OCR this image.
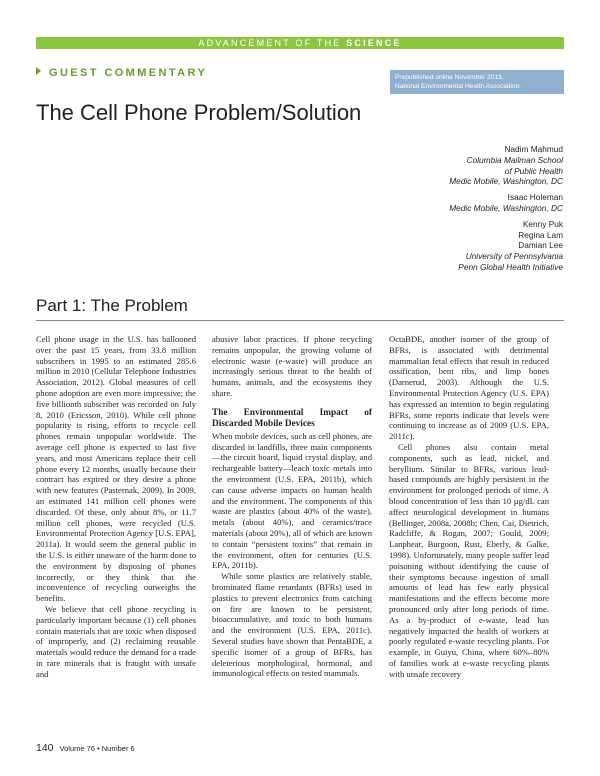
ADVANCEMENT OF THE SCIENCE
GUEST COMMENTARY	Prepublished online November 2013,
National Environmental Health Association.
The Cell Phone Problem/Solution
Nadim Mahmud
Columbia Mailman School
of Public Health
Medic Mobile, Washington, DC
Isaac Holeman
Medic Mobile, Washington, DC
Kenny Puk
Regina Lam
Damian Lee
University of Pennsylvania
Penn Global Health Initiative
Part 1: The Problem

Cell phone usage in the U.S. has ballooned over the past 15 years, from 33.8 million subscribers in 1995 to an estimated 285.6 million in 2010 (Cellular Telephone Industries Association, 2012). Global measures of cell phone adoption are even more impressive; the five billionth subscriber was recorded on July 8, 2010 (Ericsson, 2010). While cell phone popularity is rising, efforts to recycle cell phones remain unpopular worldwide. The average cell phone is expected to last five years, and most Americans replace their cell phone every 12 months, usually because their contract has expired or they desire a phone with new features (Pasternak, 2009). In 2009, an estimated 141 million cell phones were discarded. Of these, only about 8%, or 11.7 million cell phones, were recycled (U.S. Environmental Protection Agency [U.S. EPA], 2011a). It would seem the general public in the U.S. is either unaware of the harm done to the environment by disposing of phones incorrectly, or they think that the inconvenience of recycling outweighs the benefits.

We believe that cell phone recycling is particularly important because (1) cell phones contain materials that are toxic when disposed of improperly, and (2) reclaiming reusable materials would reduce the demand for a trade in rare minerals that is fraught with unsafe and

abusive labor practices. If phone recycling remains unpopular, the growing volume of electronic waste (e-waste) will produce an increasingly serious threat to the health of humans, animals, and the ecosystems they share.

The Environmental Impact of Discarded Mobile Devices

When mobile devices, such as cell phones, are discarded in landfills, three main components—the circuit board, liquid crystal display, and rechargeable battery—leach toxic metals into the environment (U.S. EPA, 2011b), which can cause adverse impacts on human health and the environment. The components of this waste are plastics (about 40% of the waste), metals (about 40%), and ceramics/trace materials (about 20%), all of which are known to contain “persistent toxins” that remain in the environment, often for centuries (U.S. EPA, 2011b).

While some plastics are relatively stable, brominated flame retardants (BFRs) used in plastics to prevent electronics from catching on fire are known to be persistent, bioaccumulative, and toxic to both humans and the environment (U.S. EPA, 2011c). Several studies have shown that PentaBDE, a specific isomer of a group of BFRs, has deleterious morphological, hormonal, and immunological effects on tested mammals.

OctaBDE, another isomer of the group of BFRs, is associated with detrimental mammalian fetal effects that result in reduced ossification, bent ribs, and limp bones (Darnerud, 2003). Although the U.S. Environmental Protection Agency (U.S. EPA) has expressed an intention to begin regulating BFRs, some reports indicate that levels were continuing to increase as of 2009 (U.S. EPA, 2011c).

Cell phones also contain metal components, such as lead, nickel, and beryllium. Similar to BFRs, various lead-based compounds are highly persistent in the environment for prolonged periods of time. A blood concentration of less than 10 µg/dL can affect neurological development in humans (Bellinger, 2008a, 2008b; Chen, Cai, Dietrich, Radcliffe, & Rogan, 2007; Gould, 2009; Lanphear, Burgoon, Rust, Eberly, & Galke, 1998). Unfortunately, many people suffer lead poisoning without identifying the cause of their symptoms because ingestion of small amounts of lead has few early physical manifestations and the effects become more pronounced only after long periods of time. As a by-product of e-waste, lead has negatively impacted the health of workers at poorly regulated e-waste recycling plants. For example, in Guiyu, China, where 60%–80% of families work at e-waste recycling plants with unsafe recovery

140 Volume 76 • Number 6
